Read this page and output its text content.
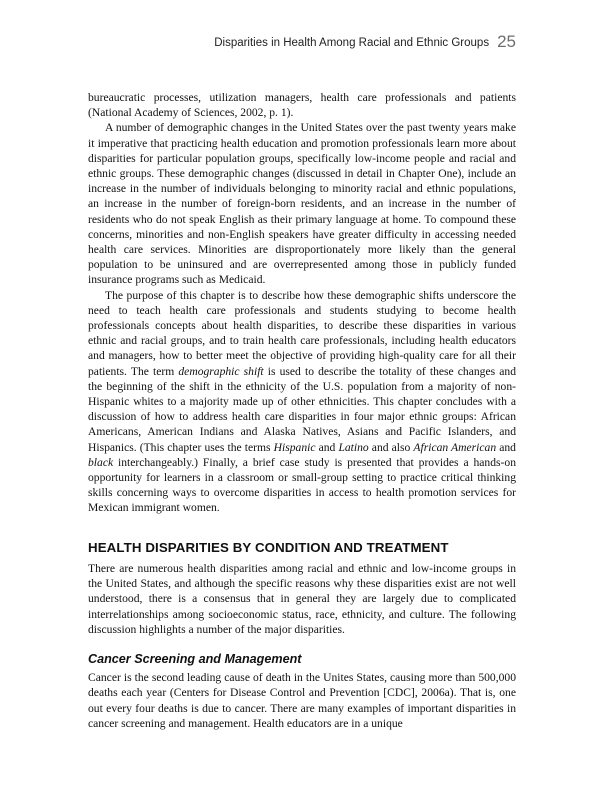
Disparities in Health Among Racial and Ethnic Groups 25

bureaucratic processes, utilization managers, health care professionals and patients (National Academy of Sciences, 2002, p. 1).

A number of demographic changes in the United States over the past twenty years make it imperative that practicing health education and promotion professionals learn more about disparities for particular population groups, specifically low-income people and racial and ethnic groups. These demographic changes (discussed in detail in Chapter One), include an increase in the number of individuals belonging to minority racial and ethnic populations, an increase in the number of foreign-born residents, and an increase in the number of residents who do not speak English as their primary language at home. To compound these concerns, minorities and non-English speakers have greater difficulty in accessing needed health care services. Minorities are disproportionately more likely than the general population to be uninsured and are overrepresented among those in publicly funded insurance programs such as Medicaid.

The purpose of this chapter is to describe how these demographic shifts underscore the need to teach health care professionals and students studying to become health professionals concepts about health disparities, to describe these disparities in various ethnic and racial groups, and to train health care professionals, including health educators and managers, how to better meet the objective of providing high-quality care for all their patients. The term demographic shift is used to describe the totality of these changes and the beginning of the shift in the ethnicity of the U.S. population from a majority of non-Hispanic whites to a majority made up of other ethnicities. This chapter concludes with a discussion of how to address health care disparities in four major ethnic groups: African Americans, American Indians and Alaska Natives, Asians and Pacific Islanders, and Hispanics. (This chapter uses the terms Hispanic and Latino and also African American and black interchangeably.) Finally, a brief case study is presented that provides a hands-on opportunity for learners in a classroom or small-group setting to practice critical thinking skills concerning ways to overcome disparities in access to health promotion services for Mexican immigrant women.

HEALTH DISPARITIES BY CONDITION AND TREATMENT

There are numerous health disparities among racial and ethnic and low-income groups in the United States, and although the specific reasons why these disparities exist are not well understood, there is a consensus that in general they are largely due to complicated interrelationships among socioeconomic status, race, ethnicity, and culture. The following discussion highlights a number of the major disparities.

Cancer Screening and Management

Cancer is the second leading cause of death in the Unites States, causing more than 500,000 deaths each year (Centers for Disease Control and Prevention [CDC], 2006a). That is, one out every four deaths is due to cancer. There are many examples of important disparities in cancer screening and management. Health educators are in a unique
